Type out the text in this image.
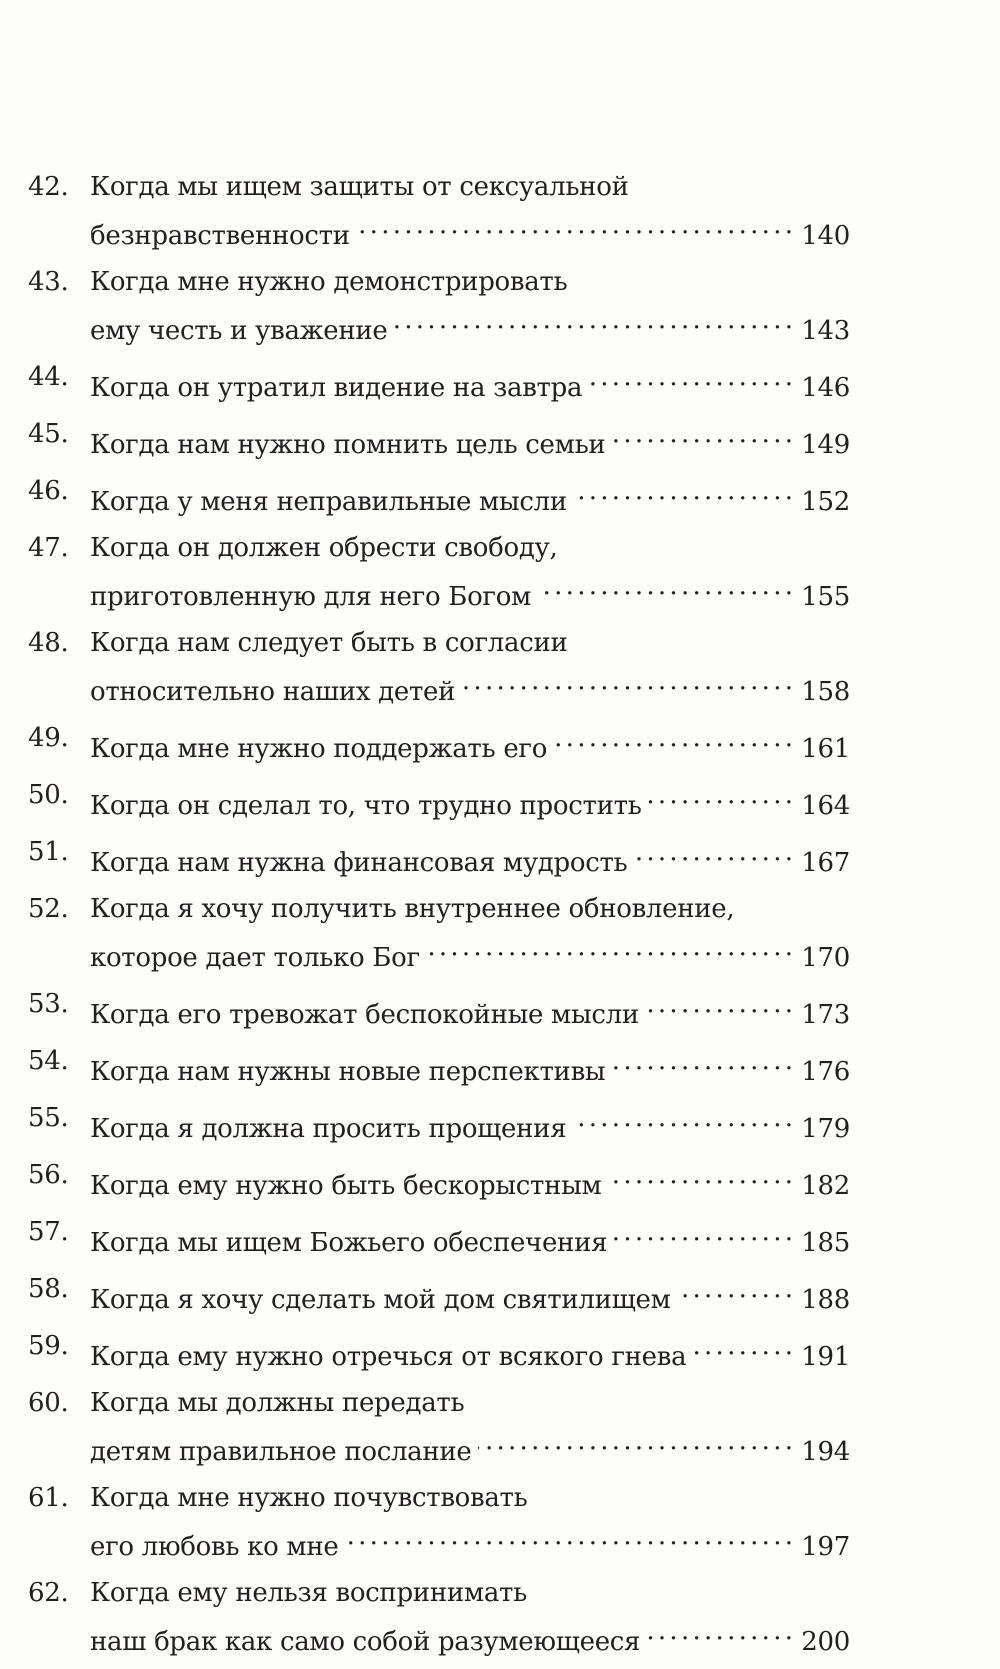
42. Когда мы ищем защиты от сексуальной
безнравственности . . .	140
43. Когда мне нужно демонстрировать
ему честь и уважение . . .	143
44. Когда он утратил видение на завтра . . .	146
45. Когда нам нужно помнить цель семьи . . .	149
46. Когда у меня неправильные мысли . . .	152
47. Когда он должен обрести свободу,
приготовленную для него Богом . . .	155
48. Когда нам следует быть в согласии
относительно наших детей . . .	158
49. Когда мне нужно поддержать его . . .	161
50. Когда он сделал то, что трудно простить . . .	164
51. Когда нам нужна финансовая мудрость . . .	167
52. Когда я хочу получить внутреннее обновление,
которое дает только Бог . . .	170
53. Когда его тревожат беспокойные мысли . . .	173
54. Когда нам нужны новые перспективы . . .	176
55. Когда я должна просить прощения . . .	179
56. Когда ему нужно быть бескорыстным . . .	182
57. Когда мы ищем Божьего обеспечения . . .	185
58. Когда я хочу сделать мой дом святилищем . . .	188
59. Когда ему нужно отречься от всякого гнева . . .	191
60. Когда мы должны передать
детям правильное послание . . .	194
61. Когда мне нужно почувствовать
его любовь ко мне . . .	197
62. Когда ему нельзя воспринимать
наш брак как само собой разумеющееся . . .	200
